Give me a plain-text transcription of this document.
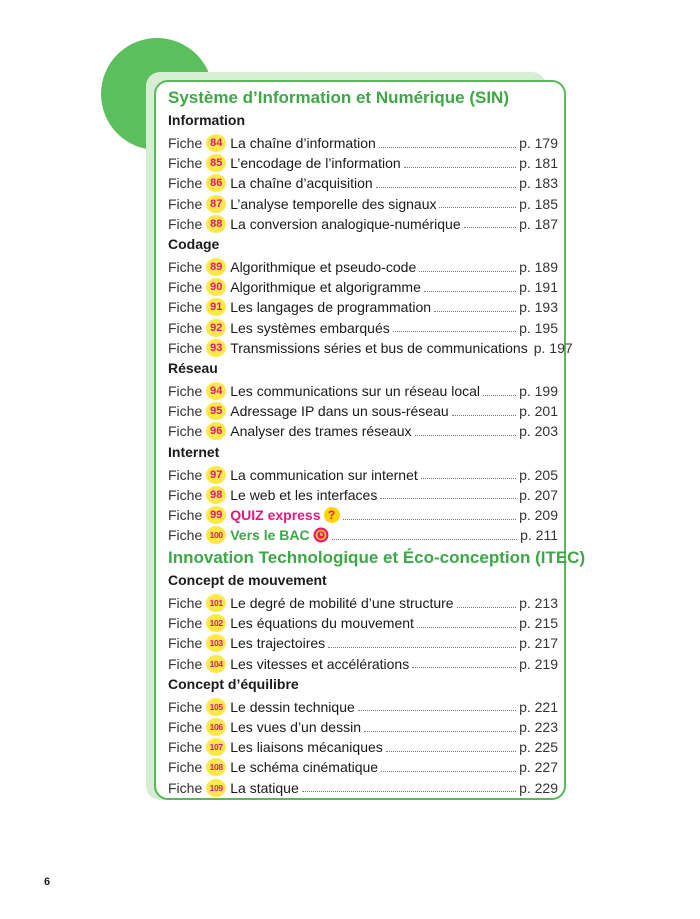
Système d’Information et Numérique (SIN)
Information
Fiche 84 La chaîne d’information	p. 179
Fiche 85 L’encodage de l’information	p. 181
Fiche 86 La chaîne d’acquisition	p. 183
Fiche 87 L’analyse temporelle des signaux	p. 185
Fiche 88 La conversion analogique-numérique	p. 187
Codage
Fiche 89 Algorithmique et pseudo-code	p. 189
Fiche 90 Algorithmique et algorigramme	p. 191
Fiche 91 Les langages de programmation	p. 193
Fiche 92 Les systèmes embarqués	p. 195
Fiche 93 Transmissions séries et bus de communications p. 197
Réseau
Fiche 94 Les communications sur un réseau local	p. 199
Fiche 95 Adressage IP dans un sous-réseau	p. 201
Fiche 96 Analyser des trames réseaux	p. 203
Internet
Fiche 97 La communication sur internet	p. 205
Fiche 98 Le web et les interfaces	p. 207
Fiche 99 QUIZ express ?	p. 209
Fiche 100 Vers le BAC	p. 211
Innovation Technologique et Éco-conception (ITEC)
Concept de mouvement
Fiche 101 Le degré de mobilité d’une structure	p. 213
Fiche 102 Les équations du mouvement	p. 215
Fiche 103 Les trajectoires	p. 217
Fiche 104 Les vitesses et accélérations	p. 219
Concept d’équilibre
Fiche 105 Le dessin technique	p. 221
Fiche 106 Les vues d’un dessin	p. 223
Fiche 107 Les liaisons mécaniques	p. 225
Fiche 108 Le schéma cinématique	p. 227
Fiche 109 La statique	p. 229
6
